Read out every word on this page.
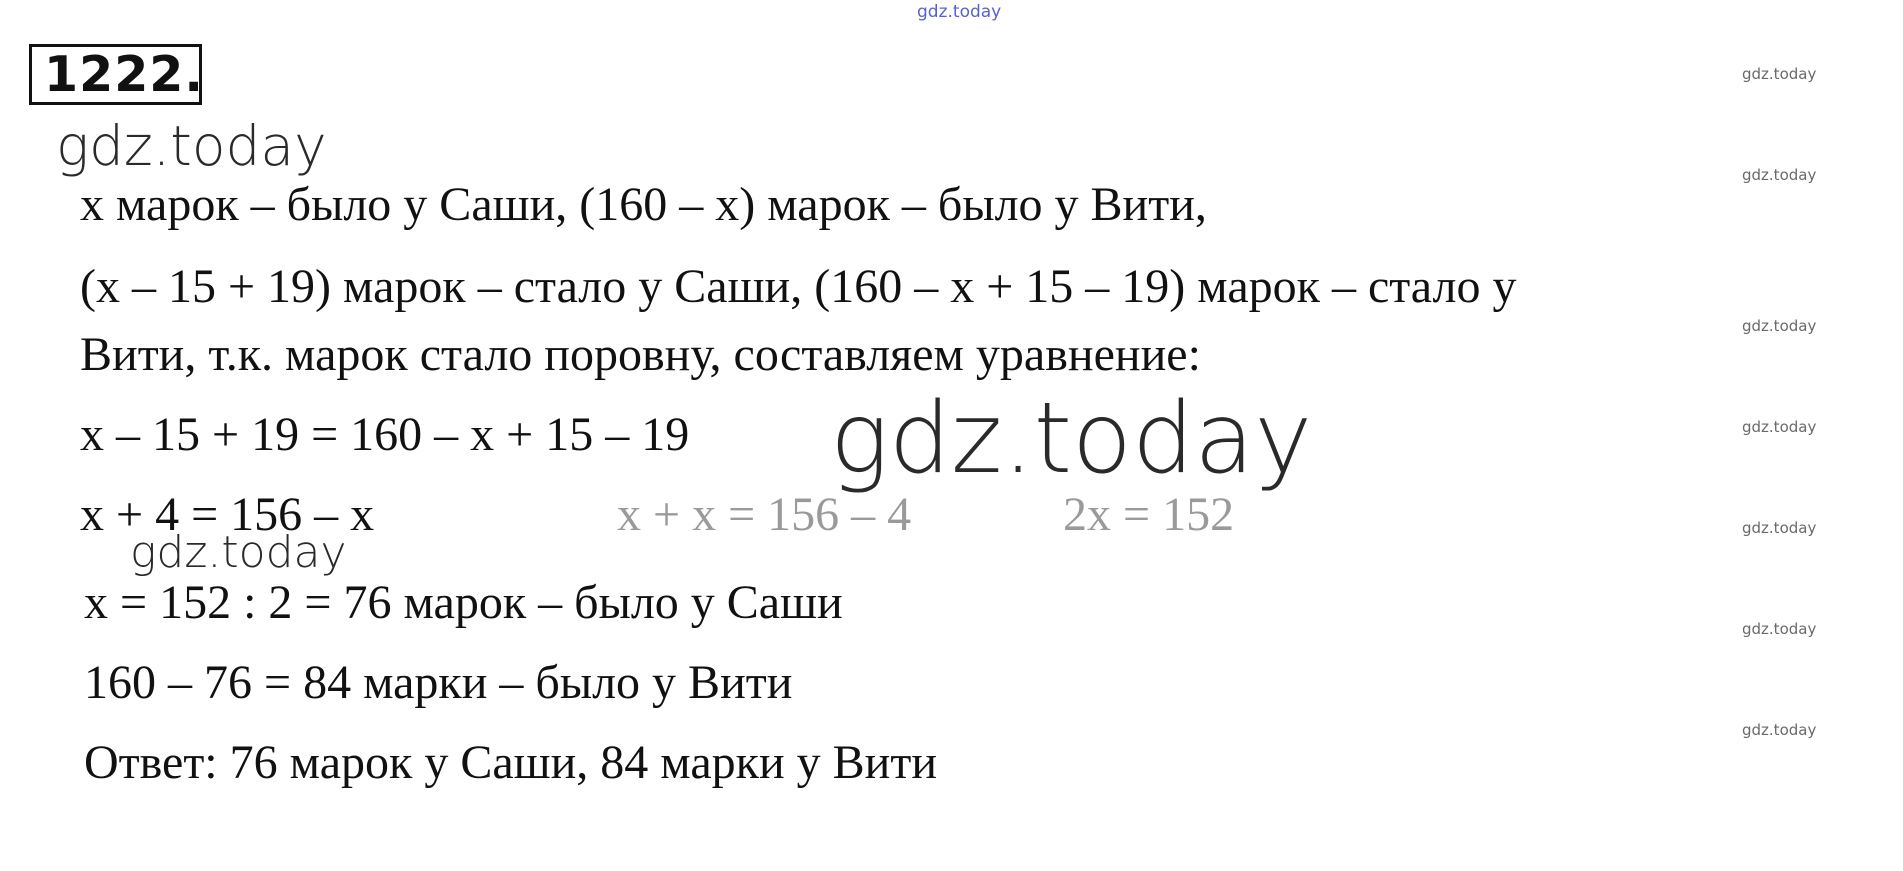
gdz.today
1222.
gdz.today
x марок – было у Саши, (160 – x) марок – было у Вити,
(x – 15 + 19) марок – стало у Саши, (160 – x + 15 – 19) марок – стало у
Вити, т.к. марок стало поровну, составляем уравнение:
x – 15 + 19 = 160 – x + 15 – 19
x + 4 = 156 – x	x + x = 156 – 4	2x = 152
x = 152 : 2 = 76 марок – было у Саши
160 – 76 = 84 марки – было у Вити
Ответ: 76 марок у Саши, 84 марки у Вити
gdz.today
gdz.today
gdz.today
gdz.today
gdz.today
gdz.today
gdz.today
gdz.today
gdz.today
